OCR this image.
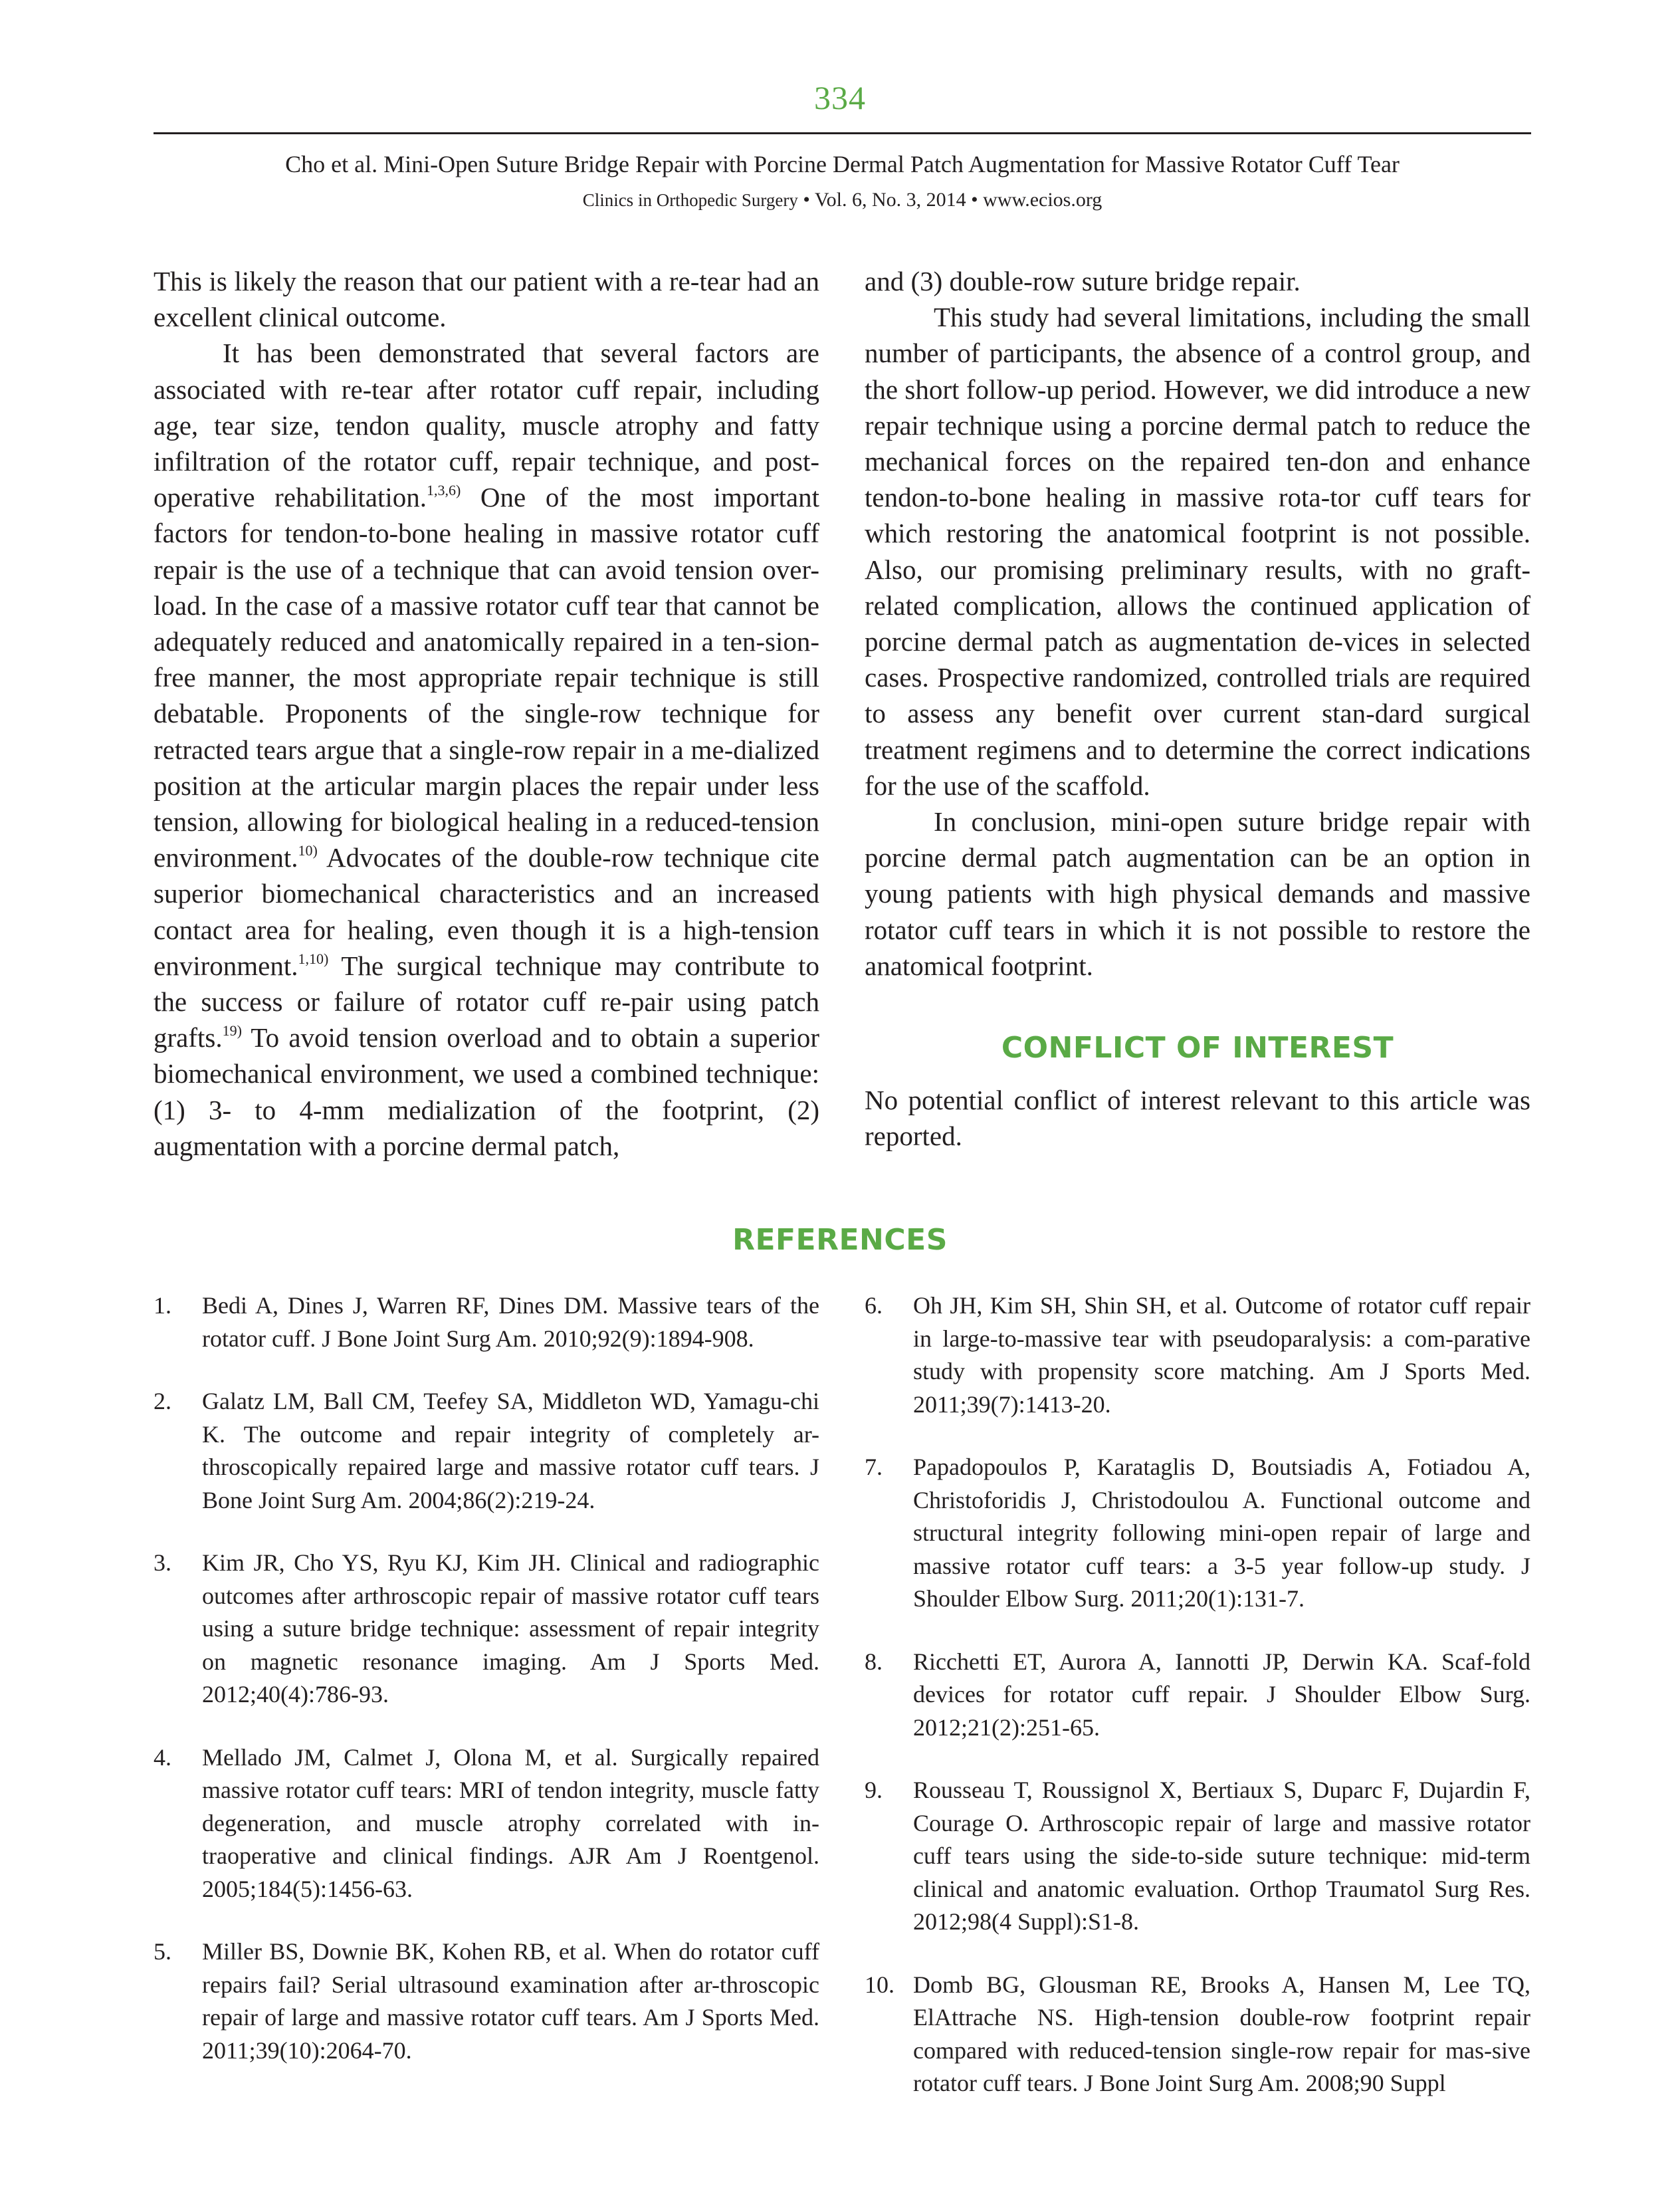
334
Cho et al. Mini-Open Suture Bridge Repair with Porcine Dermal Patch Augmentation for Massive Rotator Cuff Tear
Clinics in Orthopedic Surgery • Vol. 6, No. 3, 2014 • www.ecios.org

This is likely the reason that our patient with a re-tear had an excellent clinical outcome.

It has been demonstrated that several factors are associated with re-tear after rotator cuff repair, including age, tear size, tendon quality, muscle atrophy and fatty infiltration of the rotator cuff, repair technique, and post-operative rehabilitation.$^{1,3,6)}$ One of the most important factors for tendon-to-bone healing in massive rotator cuff repair is the use of a technique that can avoid tension over-load. In the case of a massive rotator cuff tear that cannot be adequately reduced and anatomically repaired in a ten-sion-free manner, the most appropriate repair technique is still debatable. Proponents of the single-row technique for retracted tears argue that a single-row repair in a me-dialized position at the articular margin places the repair under less tension, allowing for biological healing in a reduced-tension environment.$^{10)}$ Advocates of the double-row technique cite superior biomechanical characteristics and an increased contact area for healing, even though it is a high-tension environment.$^{1,10)}$ The surgical technique may contribute to the success or failure of rotator cuff re-pair using patch grafts.$^{19)}$ To avoid tension overload and to obtain a superior biomechanical environment, we used a combined technique: (1) 3- to 4-mm medialization of the footprint, (2) augmentation with a porcine dermal patch,

and (3) double-row suture bridge repair.

This study had several limitations, including the small number of participants, the absence of a control group, and the short follow-up period. However, we did introduce a new repair technique using a porcine dermal patch to reduce the mechanical forces on the repaired ten-don and enhance tendon-to-bone healing in massive rota-tor cuff tears for which restoring the anatomical footprint is not possible. Also, our promising preliminary results, with no graft-related complication, allows the continued application of porcine dermal patch as augmentation de-vices in selected cases. Prospective randomized, controlled trials are required to assess any benefit over current stan-dard surgical treatment regimens and to determine the correct indications for the use of the scaffold.

In conclusion, mini-open suture bridge repair with porcine dermal patch augmentation can be an option in young patients with high physical demands and massive rotator cuff tears in which it is not possible to restore the anatomical footprint.

CONFLICT OF INTEREST

No potential conflict of interest relevant to this article was reported.

REFERENCES
1.	Bedi A, Dines J, Warren RF, Dines DM. Massive tears of the rotator cuff. J Bone Joint Surg Am. 2010;92(9):1894-908.
2.	Galatz LM, Ball CM, Teefey SA, Middleton WD, Yamagu-chi K. The outcome and repair integrity of completely ar-throscopically repaired large and massive rotator cuff tears. J Bone Joint Surg Am. 2004;86(2):219-24.
3.	Kim JR, Cho YS, Ryu KJ, Kim JH. Clinical and radiographic outcomes after arthroscopic repair of massive rotator cuff tears using a suture bridge technique: assessment of repair integrity on magnetic resonance imaging. Am J Sports Med. 2012;40(4):786-93.
4.	Mellado JM, Calmet J, Olona M, et al. Surgically repaired massive rotator cuff tears: MRI of tendon integrity, muscle fatty degeneration, and muscle atrophy correlated with in-traoperative and clinical findings. AJR Am J Roentgenol. 2005;184(5):1456-63.
5.	Miller BS, Downie BK, Kohen RB, et al. When do rotator cuff repairs fail? Serial ultrasound examination after ar-throscopic repair of large and massive rotator cuff tears. Am J Sports Med. 2011;39(10):2064-70.
6.	Oh JH, Kim SH, Shin SH, et al. Outcome of rotator cuff repair in large-to-massive tear with pseudoparalysis: a com-parative study with propensity score matching. Am J Sports Med. 2011;39(7):1413-20.
7.	Papadopoulos P, Karataglis D, Boutsiadis A, Fotiadou A, Christoforidis J, Christodoulou A. Functional outcome and structural integrity following mini-open repair of large and massive rotator cuff tears: a 3-5 year follow-up study. J Shoulder Elbow Surg. 2011;20(1):131-7.
8.	Ricchetti ET, Aurora A, Iannotti JP, Derwin KA. Scaf-fold devices for rotator cuff repair. J Shoulder Elbow Surg. 2012;21(2):251-65.
9.	Rousseau T, Roussignol X, Bertiaux S, Duparc F, Dujardin F, Courage O. Arthroscopic repair of large and massive rotator cuff tears using the side-to-side suture technique: mid-term clinical and anatomic evaluation. Orthop Traumatol Surg Res. 2012;98(4 Suppl):S1-8.
10. Domb BG, Glousman RE, Brooks A, Hansen M, Lee TQ, ElAttrache NS. High-tension double-row footprint repair compared with reduced-tension single-row repair for mas-sive rotator cuff tears. J Bone Joint Surg Am. 2008;90 Suppl
